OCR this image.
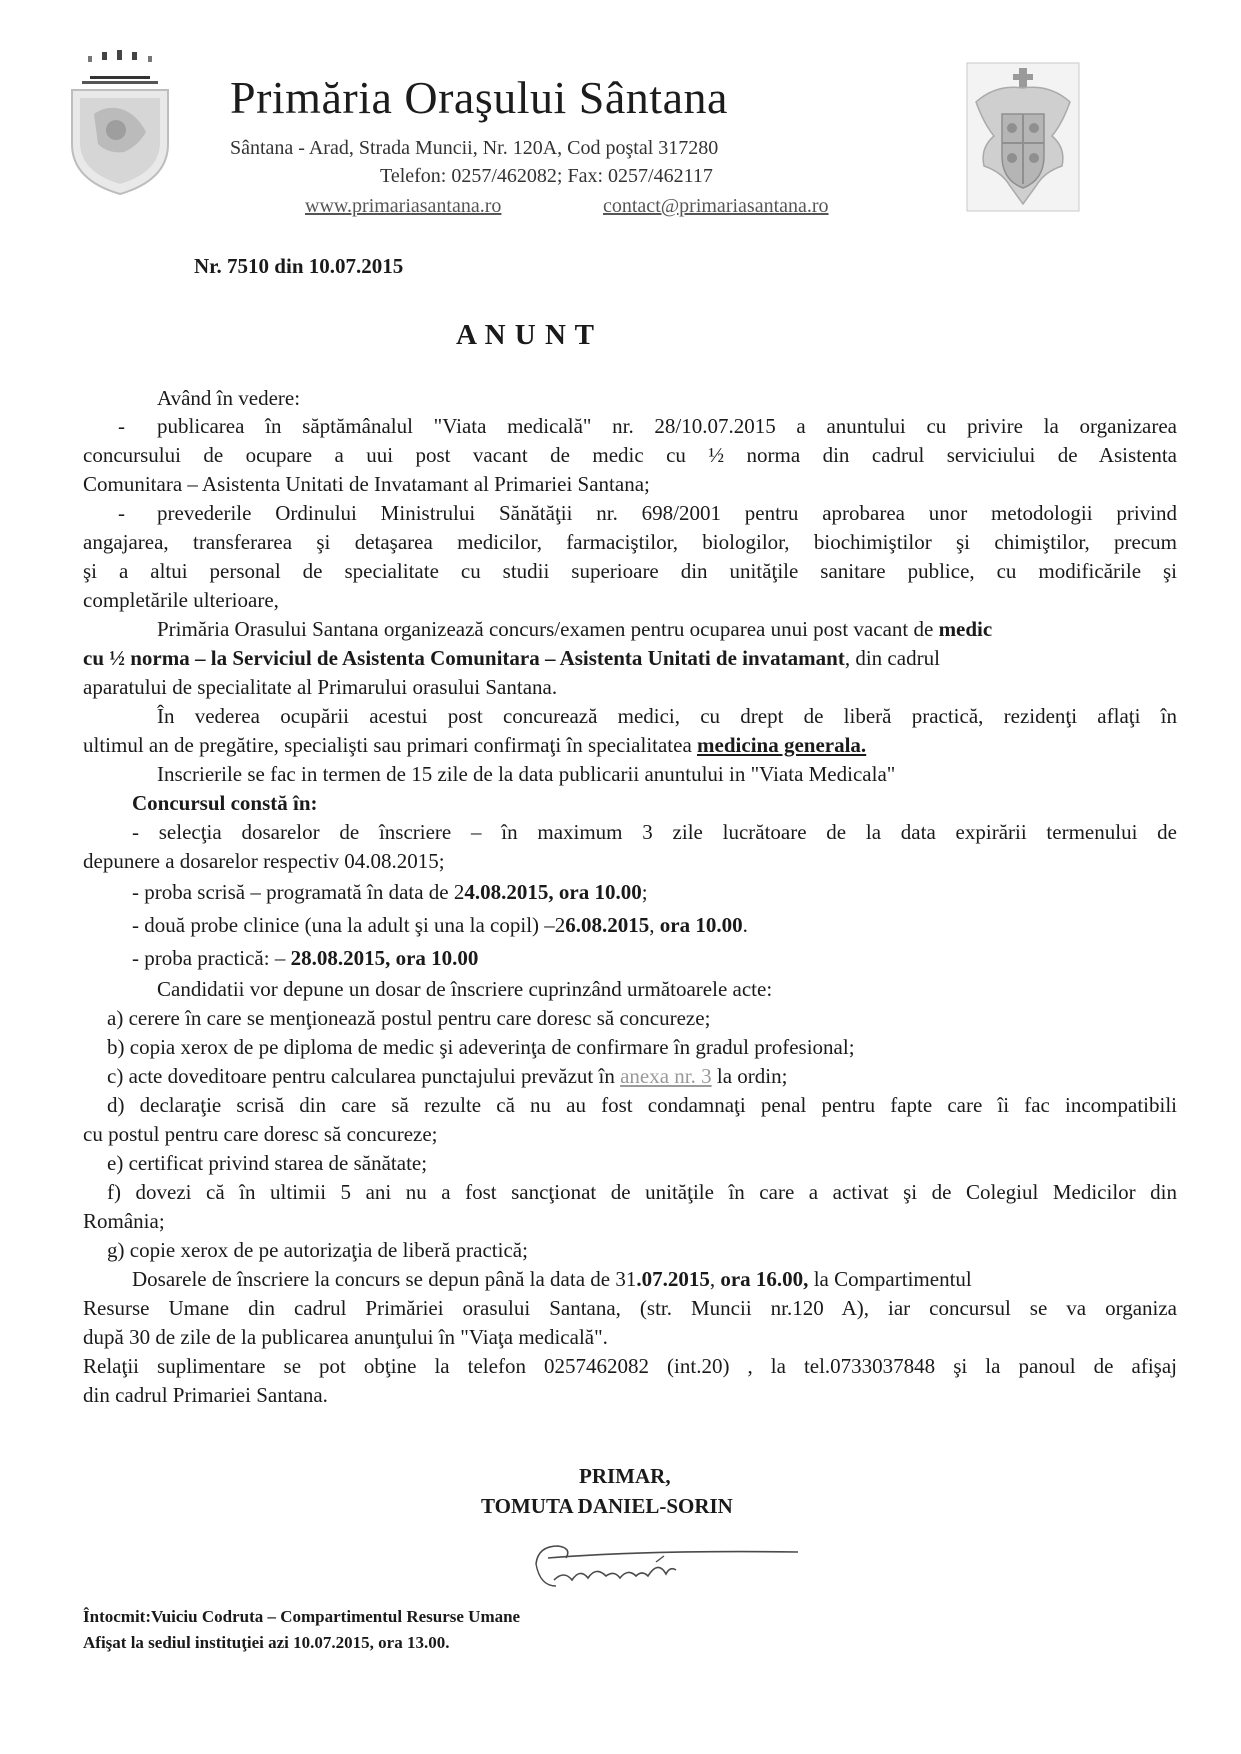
Primăria Oraşului Sântana
Sântana - Arad, Strada Muncii, Nr. 120A, Cod poştal 317280
Telefon: 0257/462082; Fax: 0257/462117
www.primariasantana.ro	contact@primariasantana.ro
Nr. 7510 din 10.07.2015
A N U N T
Având în vedere:
- publicarea în săptămânalul "Viata medicală" nr. 28/10.07.2015 a anuntului cu privire la organizarea
concursului de ocupare a uui post vacant de medic cu ½ norma din cadrul serviciului de Asistenta
Comunitara – Asistenta Unitati de Invatamant al Primariei Santana;
- prevederile Ordinului Ministrului Sănătăţii nr. 698/2001 pentru aprobarea unor metodologii privind
angajarea, transferarea şi detaşarea medicilor, farmaciştilor, biologilor, biochimiştilor şi chimiştilor, precum
şi a altui personal de specialitate cu studii superioare din unităţile sanitare publice, cu modificările şi
completările ulterioare,
Primăria Orasului Santana organizează concurs/examen pentru ocuparea unui post vacant de medic
cu ½ norma – la Serviciul de Asistenta Comunitara – Asistenta Unitati de invatamant, din cadrul
aparatului de specialitate al Primarului orasului Santana.
În vederea ocupării acestui post concurează medici, cu drept de liberă practică, rezidenţi aflaţi în
ultimul an de pregătire, specialişti sau primari confirmaţi în specialitatea medicina generala.
Inscrierile se fac in termen de 15 zile de la data publicarii anuntului in "Viata Medicala"
Concursul constă în:
- selecţia dosarelor de înscriere – în maximum 3 zile lucrătoare de la data expirării termenului de
depunere a dosarelor respectiv 04.08.2015;
- proba scrisă – programată în data de 24.08.2015, ora 10.00;
- două probe clinice (una la adult şi una la copil) –26.08.2015, ora 10.00.
- proba practică: – 28.08.2015, ora 10.00
Candidatii vor depune un dosar de înscriere cuprinzând următoarele acte:
a) cerere în care se menţionează postul pentru care doresc să concureze;
b) copia xerox de pe diploma de medic şi adeverinţa de confirmare în gradul profesional;
c) acte doveditoare pentru calcularea punctajului prevăzut în anexa nr. 3 la ordin;
d) declaraţie scrisă din care să rezulte că nu au fost condamnaţi penal pentru fapte care îi fac incompatibili
cu postul pentru care doresc să concureze;
e) certificat privind starea de sănătate;
f) dovezi că în ultimii 5 ani nu a fost sancţionat de unităţile în care a activat şi de Colegiul Medicilor din
România;
g) copie xerox de pe autorizaţia de liberă practică;
Dosarele de înscriere la concurs se depun până la data de 31.07.2015, ora 16.00, la Compartimentul
Resurse Umane din cadrul Primăriei orasului Santana, (str. Muncii nr.120 A), iar concursul se va organiza
după 30 de zile de la publicarea anunţului în "Viaţa medicală".
Relaţii suplimentare se pot obţine la telefon 0257462082 (int.20) , la tel.0733037848 şi la panoul de afişaj
din cadrul Primariei Santana.
PRIMAR,
TOMUTA DANIEL-SORIN
Întocmit:Vuiciu Codruta – Compartimentul Resurse Umane
Afişat la sediul instituţiei azi 10.07.2015, ora 13.00.
